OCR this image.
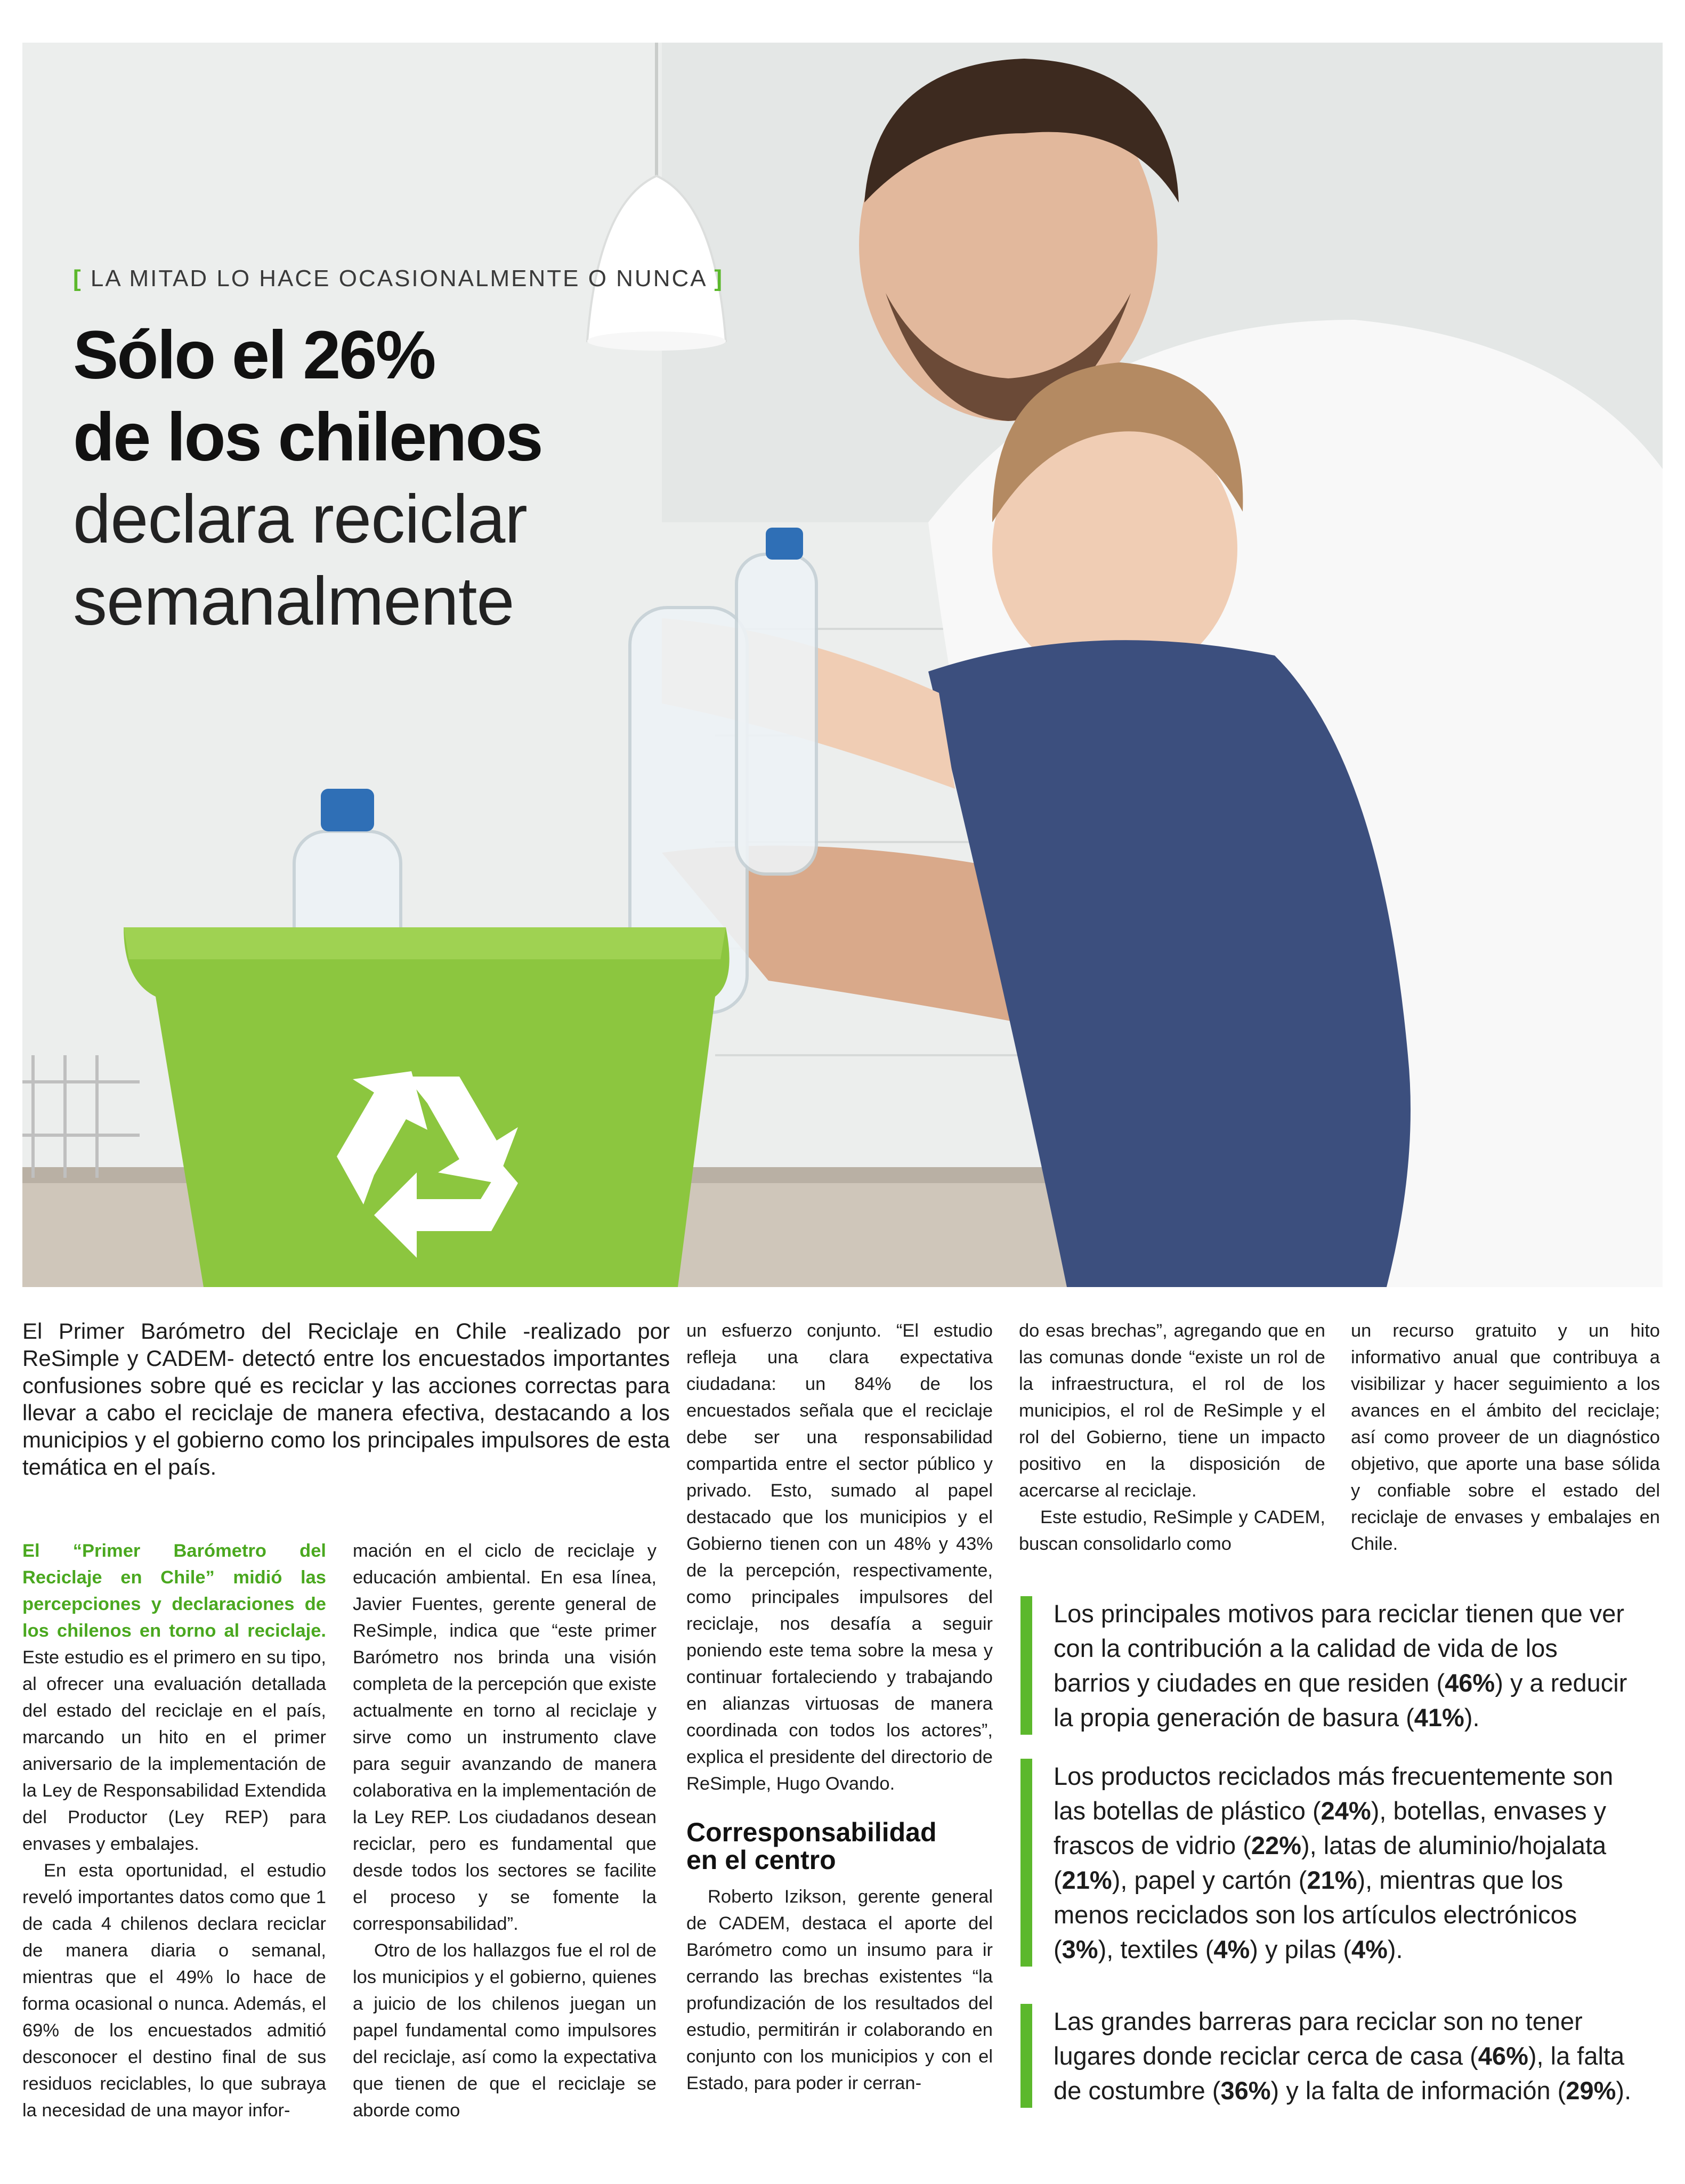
[ LA MITAD LO HACE OCASIONALMENTE O NUNCA ]
Sólo el 26%
de los chilenos
declara reciclar
semanalmente
El Primer Barómetro del Reciclaje en Chile -realizado por ReSimple y CADEM- detectó entre los encuestados importantes confusiones sobre qué es reciclar y las acciones correctas para llevar a cabo el reciclaje de manera efectiva, destacando a los municipios y el gobierno como los principales impulsores de esta temática en el país.

El “Primer Barómetro del Reciclaje en Chile” midió las percepciones y declaraciones de los chilenos en torno al reciclaje. Este estudio es el primero en su tipo, al ofrecer una evaluación detallada del estado del reciclaje en el país, marcando un hito en el primer aniversario de la implementación de la Ley de Responsabilidad Extendida del Productor (Ley REP) para envases y embalajes.

En esta oportunidad, el estudio reveló importantes datos como que 1 de cada 4 chilenos declara reciclar de manera diaria o semanal, mientras que el 49% lo hace de forma ocasional o nunca. Además, el 69% de los encuestados admitió desconocer el destino final de sus residuos reciclables, lo que subraya la necesidad de una mayor infor-

mación en el ciclo de reciclaje y educación ambiental. En esa línea, Javier Fuentes, gerente general de ReSimple, indica que “este primer Barómetro nos brinda una visión completa de la percepción que existe actualmente en torno al reciclaje y sirve como un instrumento clave para seguir avanzando de manera colaborativa en la implementación de la Ley REP. Los ciudadanos desean reciclar, pero es fundamental que desde todos los sectores se facilite el proceso y se fomente la corresponsabilidad”.

Otro de los hallazgos fue el rol de los municipios y el gobierno, quienes a juicio de los chilenos juegan un papel fundamental como impulsores del reciclaje, así como la expectativa que tienen de que el reciclaje se aborde como

un esfuerzo conjunto. “El estudio refleja una clara expectativa ciudadana: un 84% de los encuestados señala que el reciclaje debe ser una responsabilidad compartida entre el sector público y privado. Esto, sumado al papel destacado que los municipios y el Gobierno tienen con un 48% y 43% de la percepción, respectivamente, como principales impulsores del reciclaje, nos desafía a seguir poniendo este tema sobre la mesa y continuar fortaleciendo y trabajando en alianzas virtuosas de manera coordinada con todos los actores”, explica el presidente del directorio de ReSimple, Hugo Ovando.

Corresponsabilidad
en el centro

Roberto Izikson, gerente general de CADEM, destaca el aporte del Barómetro como un insumo para ir cerrando las brechas existentes “la profundización de los resultados del estudio, permitirán ir colaborando en conjunto con los municipios y con el Estado, para poder ir cerran-

do esas brechas”, agregando que en las comunas donde “existe un rol de la infraestructura, el rol de los municipios, el rol de ReSimple y el rol del Gobierno, tiene un impacto positivo en la disposición de acercarse al reciclaje.

Este estudio, ReSimple y CADEM, buscan consolidarlo como

un recurso gratuito y un hito informativo anual que contribuya a visibilizar y hacer seguimiento a los avances en el ámbito del reciclaje; así como proveer de un diagnóstico objetivo, que aporte una base sólida y confiable sobre el estado del reciclaje de envases y embalajes en Chile.

Los principales motivos para reciclar tienen que ver con la contribución a la calidad de vida de los barrios y ciudades en que residen (46%) y a reducir la propia generación de basura (41%).
Los productos reciclados más frecuentemente son las botellas de plástico (24%), botellas, envases y frascos de vidrio (22%), latas de aluminio/hojalata (21%), papel y cartón (21%), mientras que los menos reciclados son los artículos electrónicos (3%), textiles (4%) y pilas (4%).
Las grandes barreras para reciclar son no tener lugares donde reciclar cerca de casa (46%), la falta de costumbre (36%) y la falta de información (29%).
